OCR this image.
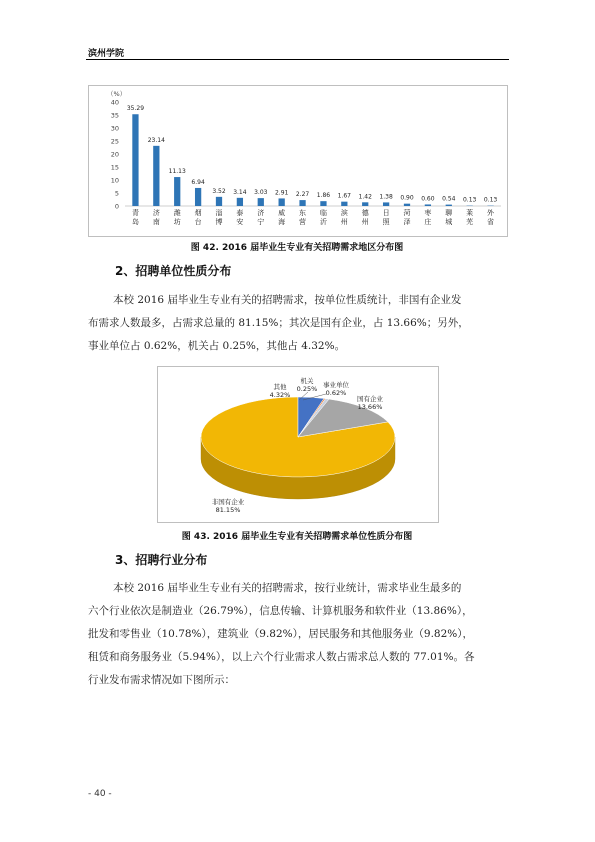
滨州学院
（%）
0
5
10
15
20
25
30
35
40
35.29
青
岛
23.14
济
南
11.13
潍
坊
6.94
烟
台
3.52
淄
博
3.14
泰
安
3.03
济
宁
2.91
威
海
2.27
东
营
1.86
临
沂
1.67
滨
州
1.42
德
州
1.38
日
照
0.90
菏
泽
0.60
枣
庄
0.54
聊
城
0.13
莱
芜
0.13
外
省
图 42. 2016 届毕业生专业有关招聘需求地区分布图
2、招聘单位性质分布
本校 2016 届毕业生专业有关的招聘需求，按单位性质统计，非国有企业发
布需求人数最多，占需求总量的 81.15%；其次是国有企业，占 13.66%；另外，
事业单位占 0.62%，机关占 0.25%，其他占 4.32%。
非国有企业
81.15%
其他
4.32%
机关
0.25% 事业单位
0.62%
国有企业
13.66%
图 43. 2016 届毕业生专业有关招聘需求单位性质分布图
3、招聘行业分布
本校 2016 届毕业生专业有关的招聘需求，按行业统计，需求毕业生最多的
六个行业依次是制造业（26.79%），信息传输、计算机服务和软件业（13.86%），
批发和零售业（10.78%），建筑业（9.82%），居民服务和其他服务业（9.82%），
租赁和商务服务业（5.94%），以上六个行业需求人数占需求总人数的 77.01%。各
行业发布需求情况如下图所示：
- 40 -
